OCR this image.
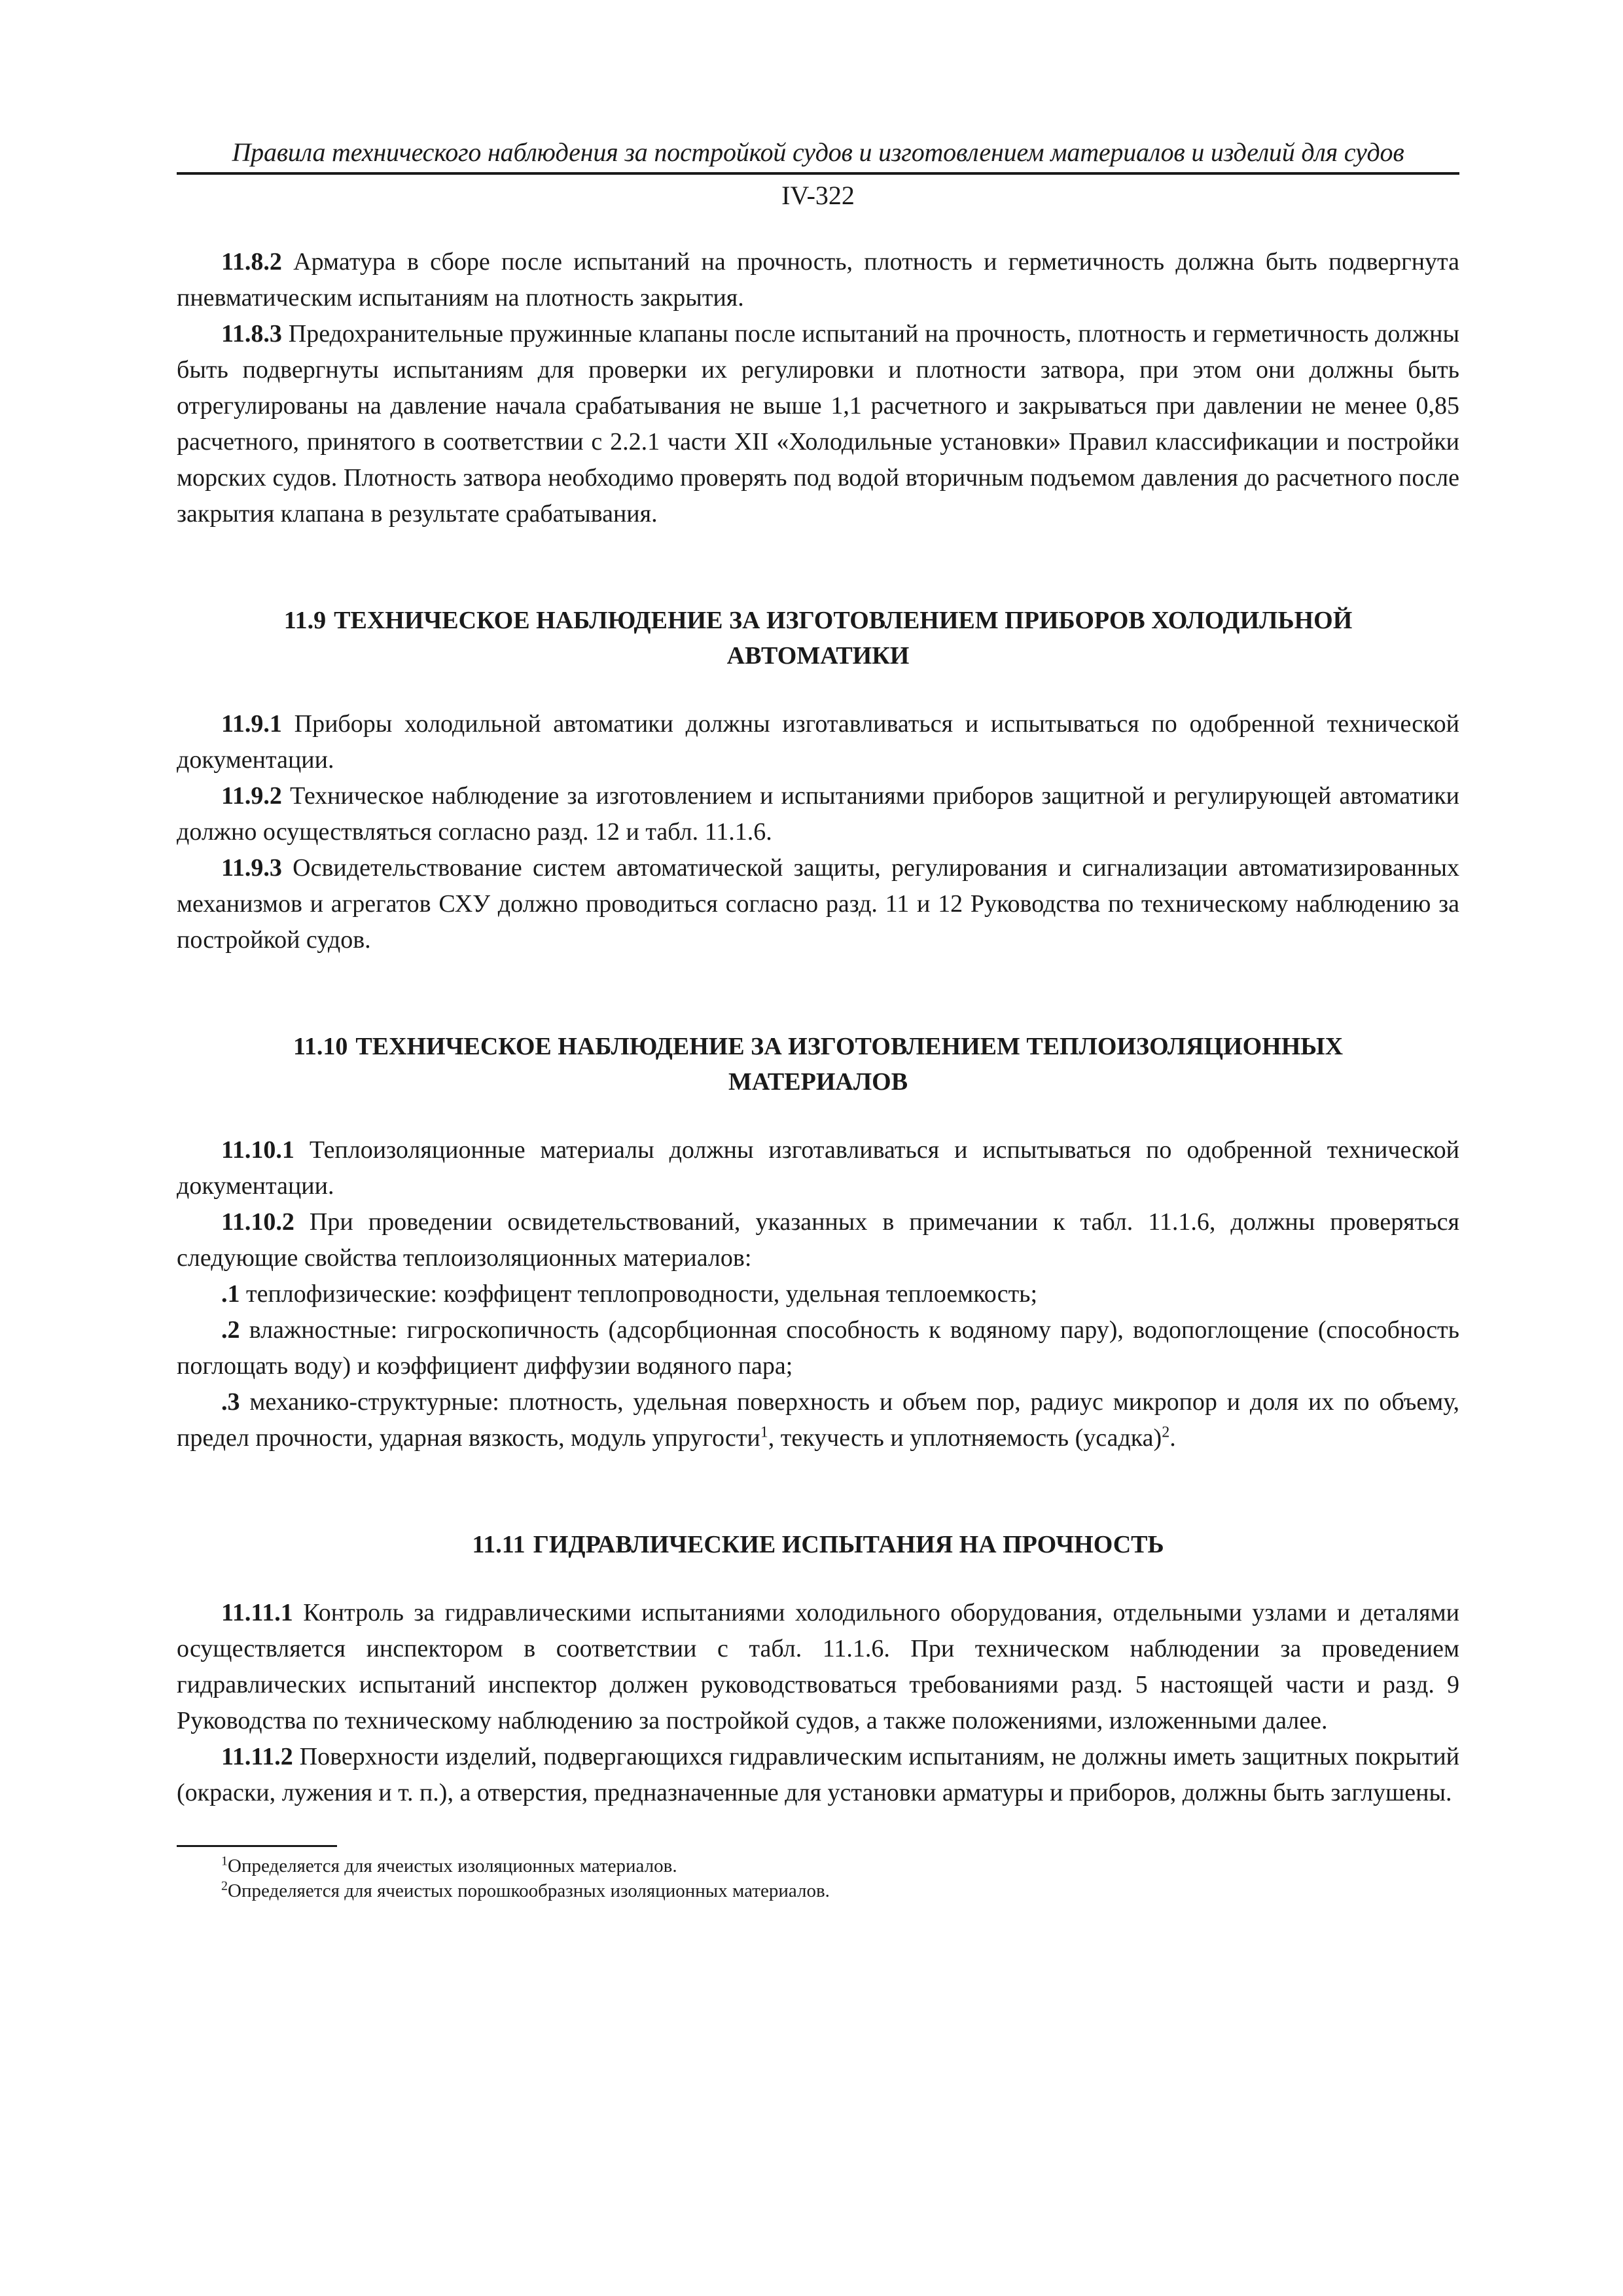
Правила технического наблюдения за постройкой судов и изготовлением материалов и изделий для судов
IV-322

11.8.2 Арматура в сборе после испытаний на прочность, плотность и герметичность должна быть подвергнута пневматическим испытаниям на плотность закрытия.

11.8.3 Предохранительные пружинные клапаны после испытаний на прочность, плотность и герметичность должны быть подвергнуты испытаниям для проверки их регулировки и плотности затвора, при этом они должны быть отрегулированы на давление начала срабатывания не выше 1,1 расчетного и закрываться при давлении не менее 0,85 расчетного, принятого в соответствии с 2.2.1 части XII «Холодильные установки» Правил классификации и постройки морских судов. Плотность затвора необходимо проверять под водой вторичным подъемом давления до расчетного после закрытия клапана в результате срабатывания.

11.9 ТЕХНИЧЕСКОЕ НАБЛЮДЕНИЕ ЗА ИЗГОТОВЛЕНИЕМ ПРИБОРОВ ХОЛОДИЛЬНОЙ АВТОМАТИКИ

11.9.1 Приборы холодильной автоматики должны изготавливаться и испытываться по одобренной технической документации.

11.9.2 Техническое наблюдение за изготовлением и испытаниями приборов защитной и регулирующей автоматики должно осуществляться согласно разд. 12 и табл. 11.1.6.

11.9.3 Освидетельствование систем автоматической защиты, регулирования и сигнализации автоматизированных механизмов и агрегатов СХУ должно проводиться согласно разд. 11 и 12 Руководства по техническому наблюдению за постройкой судов.

11.10 ТЕХНИЧЕСКОЕ НАБЛЮДЕНИЕ ЗА ИЗГОТОВЛЕНИЕМ ТЕПЛОИЗОЛЯЦИОННЫХ МАТЕРИАЛОВ

11.10.1 Теплоизоляционные материалы должны изготавливаться и испытываться по одобренной технической документации.

11.10.2 При проведении освидетельствований, указанных в примечании к табл. 11.1.6, должны проверяться следующие свойства теплоизоляционных материалов:

.1 теплофизические: коэффицент теплопроводности, удельная теплоемкость;

.2 влажностные: гигроскопичность (адсорбционная способность к водяному пару), водопоглощение (способность поглощать воду) и коэффициент диффузии водяного пара;

.3 механико-структурные: плотность, удельная поверхность и объем пор, радиус микропор и доля их по объему, предел прочности, ударная вязкость, модуль упругости$^1$, текучесть и уплотняемость (усадка)$^2$.

11.11 ГИДРАВЛИЧЕСКИЕ ИСПЫТАНИЯ НА ПРОЧНОСТЬ

11.11.1 Контроль за гидравлическими испытаниями холодильного оборудования, отдельными узлами и деталями осуществляется инспектором в соответствии с табл. 11.1.6. При техническом наблюдении за проведением гидравлических испытаний инспектор должен руководствоваться требованиями разд. 5 настоящей части и разд. 9 Руководства по техническому наблюдению за постройкой судов, а также положениями, изложенными далее.

11.11.2 Поверхности изделий, подвергающихся гидравлическим испытаниям, не должны иметь защитных покрытий (окраски, лужения и т. п.), а отверстия, предназначенные для установки арматуры и приборов, должны быть заглушены.

$^1$Определяется для ячеистых изоляционных материалов.

$^2$Определяется для ячеистых порошкообразных изоляционных материалов.
